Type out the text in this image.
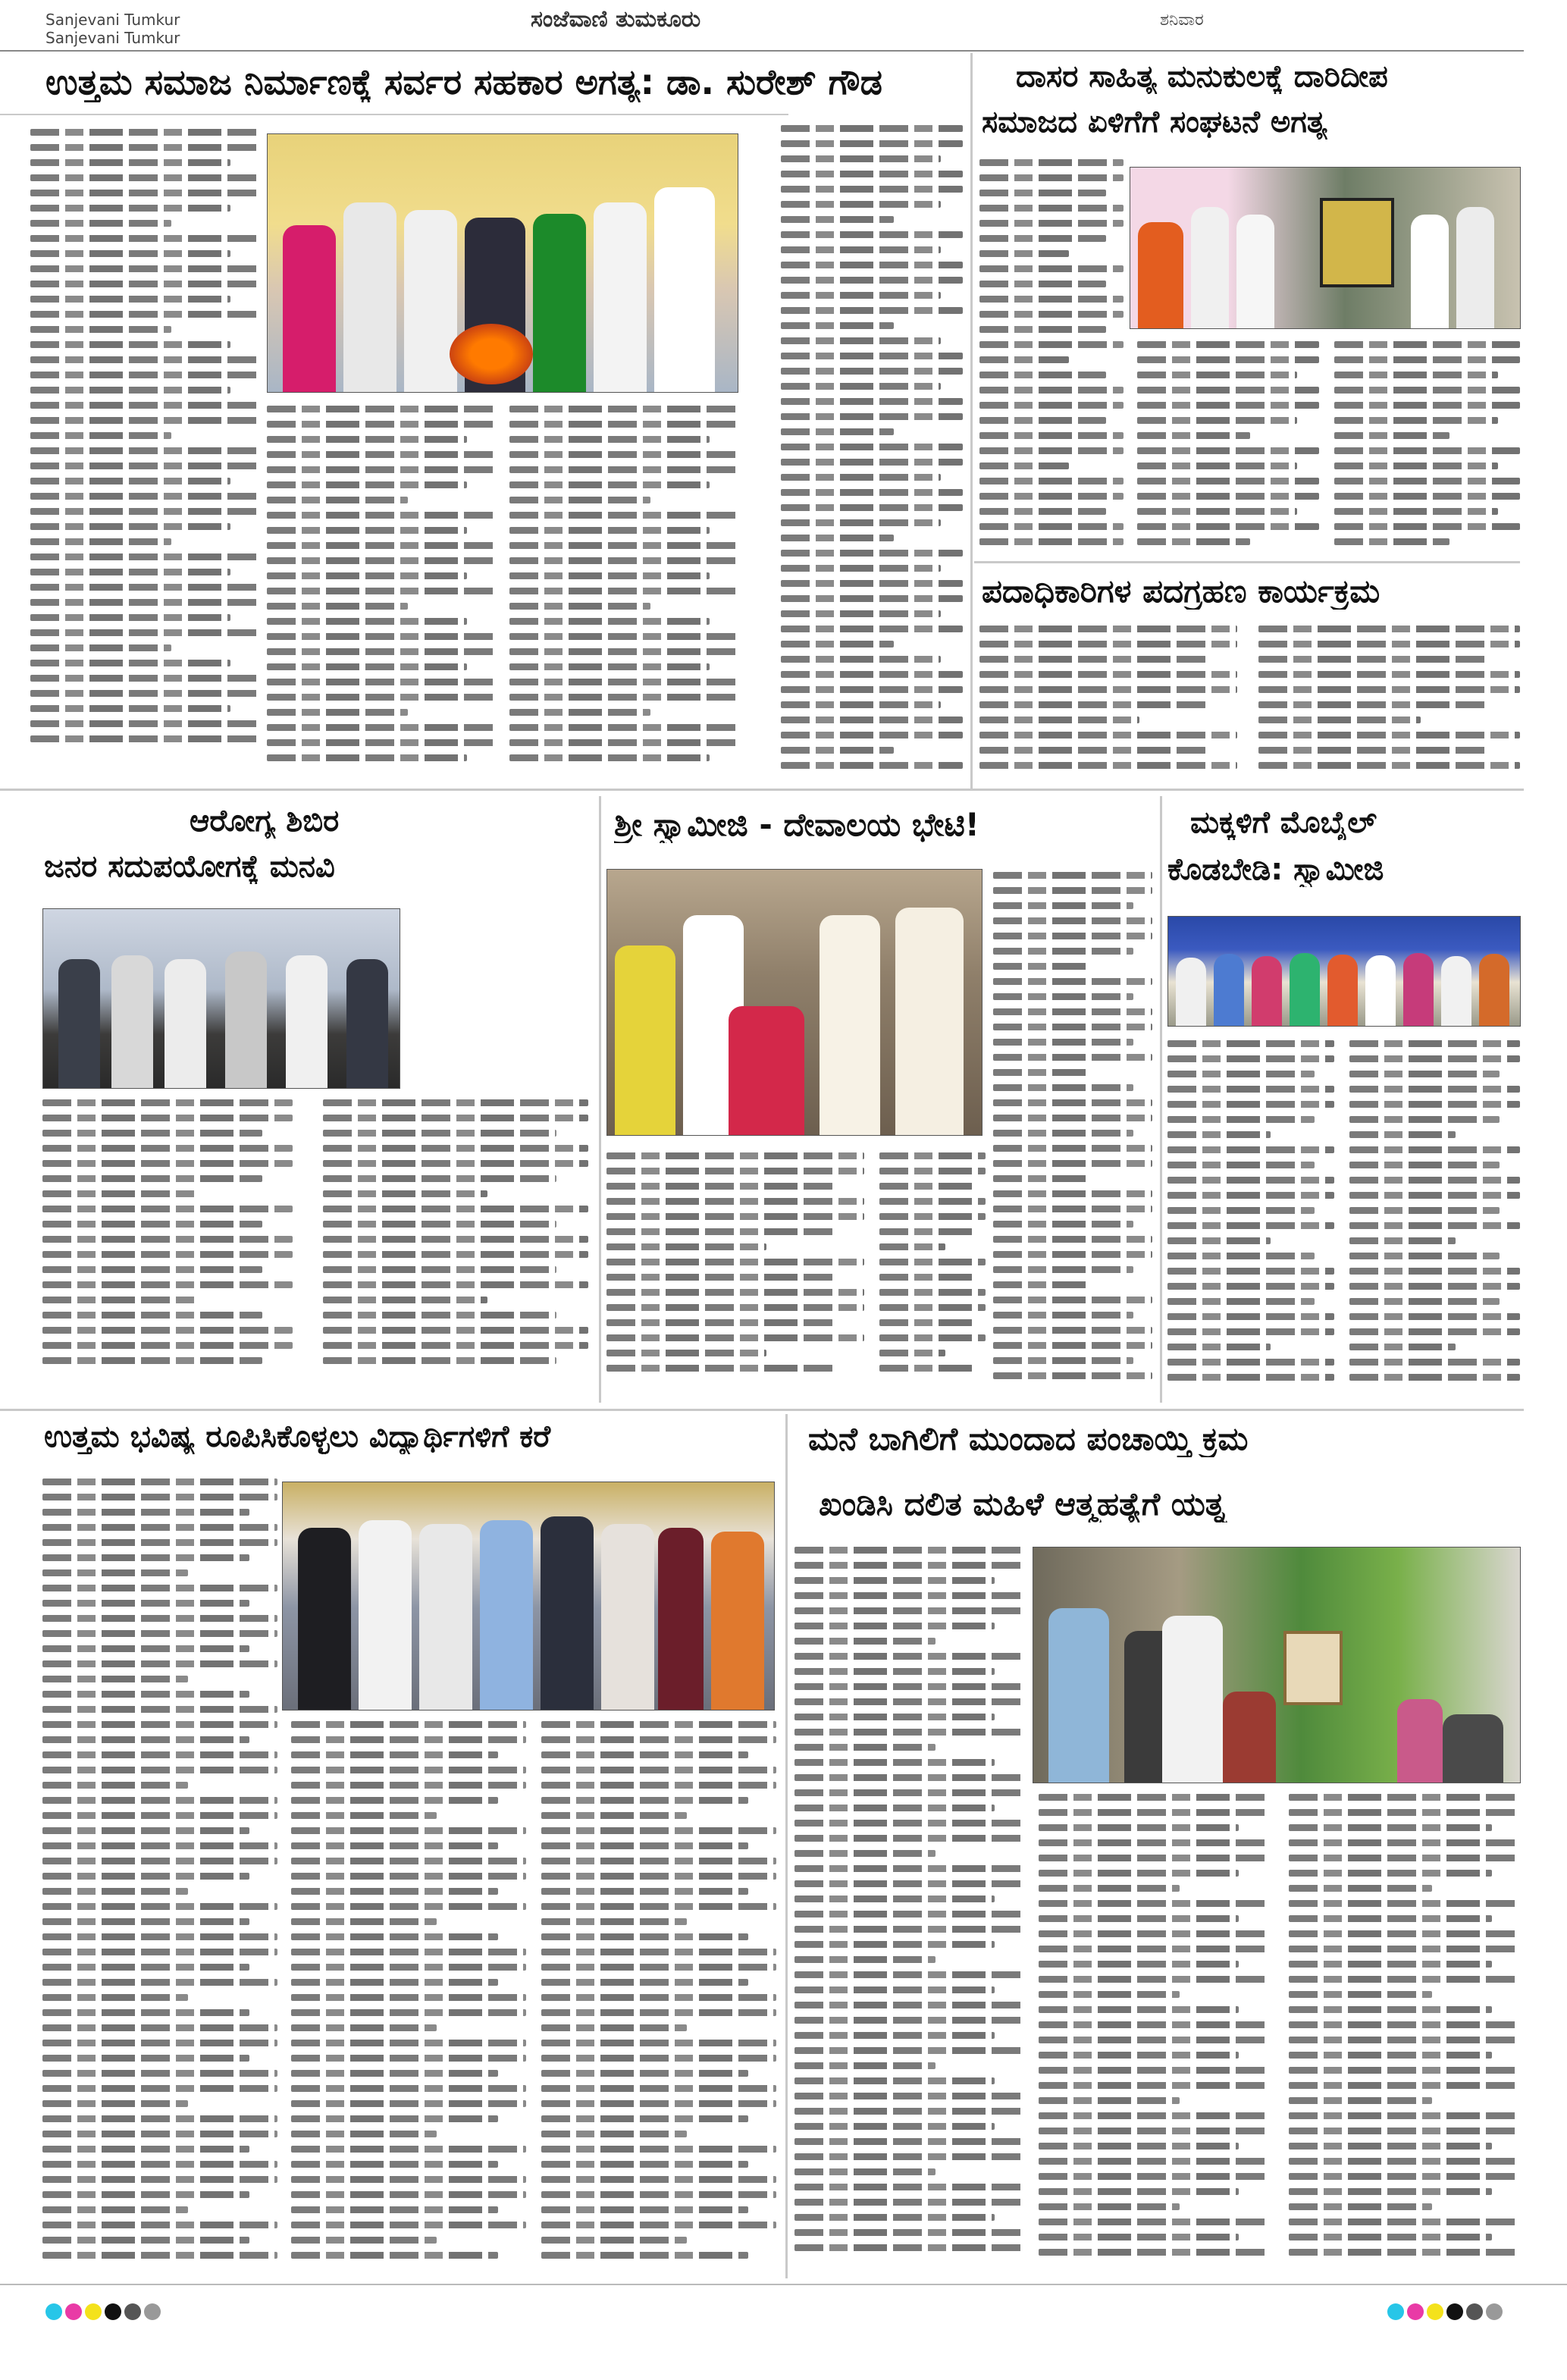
Sanjevani Tumkur
Sanjevani Tumkur
ಸಂಜೆವಾಣಿ ತುಮಕೂರು	ಶನಿವಾರ
ಉತ್ತಮ ಸಮಾಜ ನಿರ್ಮಾಣಕ್ಕೆ ಸರ್ವರ ಸಹಕಾರ ಅಗತ್ಯ: ಡಾ. ಸುರೇಶ್ ಗೌಡ	ದಾಸರ ಸಾಹಿತ್ಯ ಮನುಕುಲಕ್ಕೆ ದಾರಿದೀಪ
ಸಮಾಜದ ಏಳಿಗೆಗೆ ಸಂಘಟನೆ ಅಗತ್ಯ
ಪದಾಧಿಕಾರಿಗಳ ಪದಗ್ರಹಣ ಕಾರ್ಯಕ್ರಮ
ಆರೋಗ್ಯ ಶಿಬಿರ
ಜನರ ಸದುಪಯೋಗಕ್ಕೆ ಮನವಿ
ಶ್ರೀ ಸ್ವಾಮೀಜಿ - ದೇವಾಲಯ ಭೇಟಿ!	ಮಕ್ಕಳಿಗೆ ಮೊಬೈಲ್
ಕೊಡಬೇಡಿ: ಸ್ವಾಮೀಜಿ
ಉತ್ತಮ ಭವಿಷ್ಯ ರೂಪಿಸಿಕೊಳ್ಳಲು ವಿದ್ಯಾರ್ಥಿಗಳಿಗೆ ಕರೆ	ಮನೆ ಬಾಗಿಲಿಗೆ ಮುಂದಾದ ಪಂಚಾಯ್ತಿ ಕ್ರಮ
ಖಂಡಿಸಿ ದಲಿತ ಮಹಿಳೆ ಆತ್ಮಹತ್ಯೆಗೆ ಯತ್ನ
